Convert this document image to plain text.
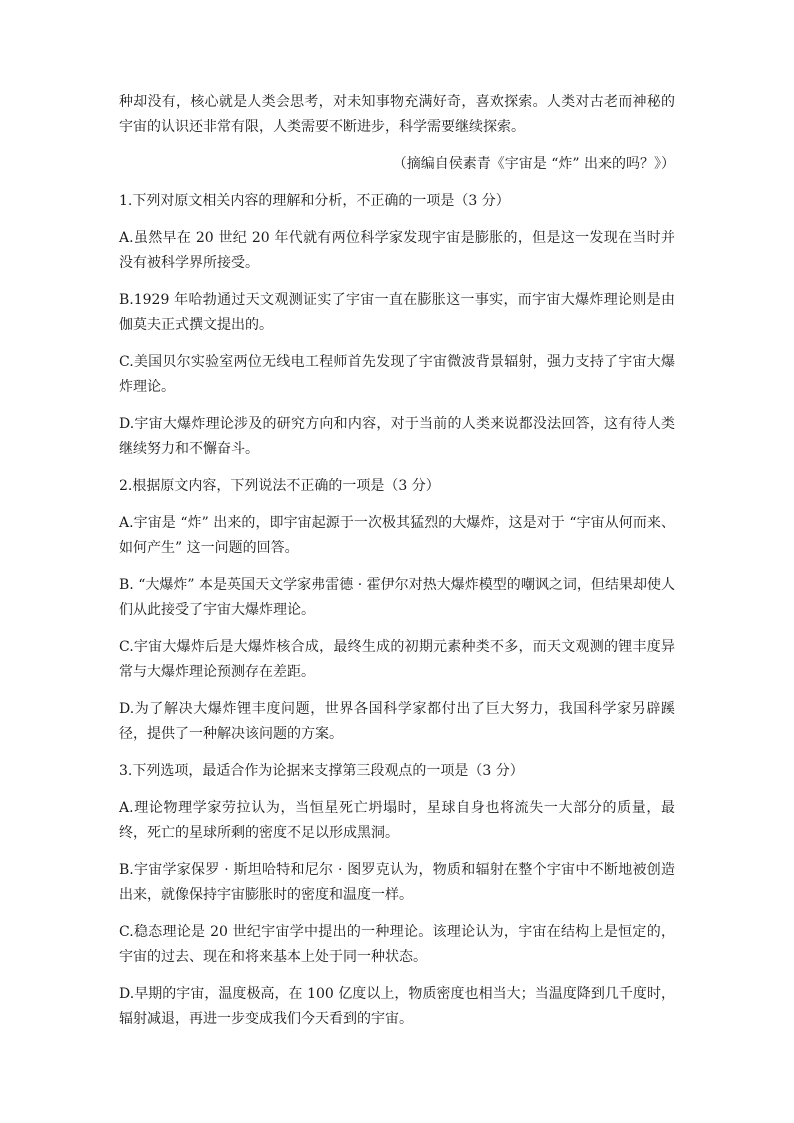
种却没有，核心就是人类会思考，对未知事物充满好奇，喜欢探索。人类对古老而神秘的宇宙的认识还非常有限，人类需要不断进步，科学需要继续探索。

（摘编自侯素青《宇宙是 “炸” 出来的吗？》）

1.下列对原文相关内容的理解和分析，不正确的一项是（3 分）

A.虽然早在 20 世纪 20 年代就有两位科学家发现宇宙是膨胀的，但是这一发现在当时并没有被科学界所接受。

B.1929 年哈勃通过天文观测证实了宇宙一直在膨胀这一事实，而宇宙大爆炸理论则是由伽莫夫正式撰文提出的。

C.美国贝尔实验室两位无线电工程师首先发现了宇宙微波背景辐射，强力支持了宇宙大爆炸理论。

D.宇宙大爆炸理论涉及的研究方向和内容，对于当前的人类来说都没法回答，这有待人类继续努力和不懈奋斗。

2.根据原文内容，下列说法不正确的一项是（3 分）

A.宇宙是 “炸” 出来的，即宇宙起源于一次极其猛烈的大爆炸，这是对于 “宇宙从何而来、如何产生” 这一问题的回答。

B. “大爆炸” 本是英国天文学家弗雷德 · 霍伊尔对热大爆炸模型的嘲讽之词，但结果却使人们从此接受了宇宙大爆炸理论。

C.宇宙大爆炸后是大爆炸核合成，最终生成的初期元素种类不多，而天文观测的锂丰度异常与大爆炸理论预测存在差距。

D.为了解决大爆炸锂丰度问题，世界各国科学家都付出了巨大努力，我国科学家另辟蹊径，提供了一种解决该问题的方案。

3.下列选项，最适合作为论据来支撑第三段观点的一项是（3 分）

A.理论物理学家劳拉认为，当恒星死亡坍塌时，星球自身也将流失一大部分的质量，最终，死亡的星球所剩的密度不足以形成黑洞。

B.宇宙学家保罗 · 斯坦哈特和尼尔 · 图罗克认为，物质和辐射在整个宇宙中不断地被创造出来，就像保持宇宙膨胀时的密度和温度一样。

C.稳态理论是 20 世纪宇宙学中提出的一种理论。该理论认为，宇宙在结构上是恒定的，宇宙的过去、现在和将来基本上处于同一种状态。

D.早期的宇宙，温度极高，在 100 亿度以上，物质密度也相当大；当温度降到几千度时，辐射减退，再进一步变成我们今天看到的宇宙。
